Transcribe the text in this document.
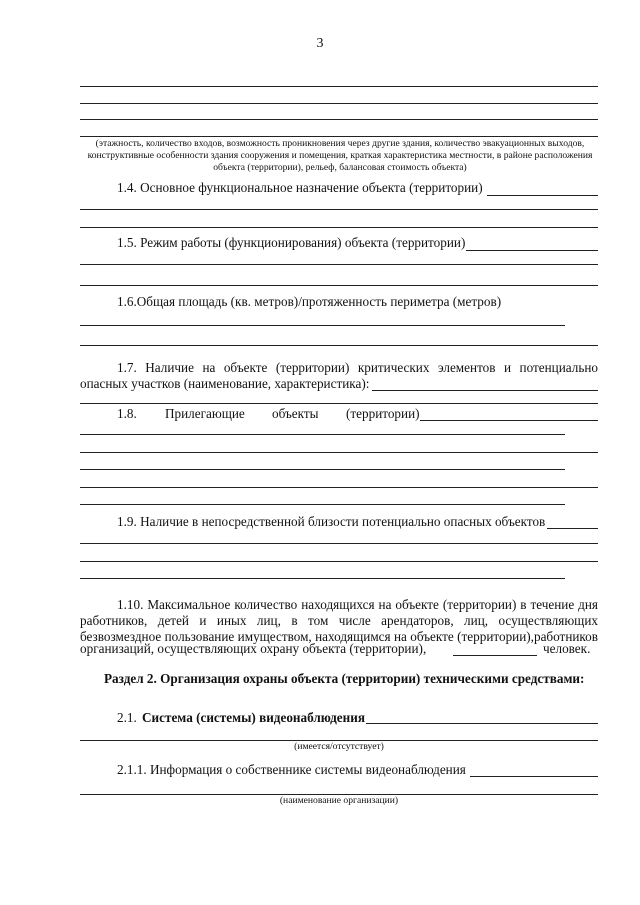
3
(этажность, количество входов, возможность проникновения через другие здания, количество эвакуационных выходов,
конструктивные особенности здания сооружения и помещения, краткая характеристика местности, в районе расположения
объекта (территории), рельеф, балансовая стоимость объекта)
1.4. Основное функциональное назначение объекта (территории)
1.5. Режим работы (функционирования) объекта (территории)
1.6.Общая площадь (кв. метров)/протяженность периметра (метров)
1.7. Наличие на объекте (территории) критических элементов и потенциально
опасных участков (наименование, характеристика):
1.8. Прилегающие объекты (территории)
1.9. Наличие в непосредственной близости потенциально опасных объектов
1.10. Максимальное количество находящихся на объекте (территории) в течение дня
работников, детей и иных лиц, в том числе арендаторов, лиц, осуществляющих
безвозмездное пользование имуществом, находящимся на объекте (территории),работников
организаций, осуществляющих охрану объекта (территории),	человек.
Раздел 2. Организация охраны объекта (территории) техническими средствами:
2.1. Система (системы) видеонаблюдения
(имеется/отсутствует)
2.1.1. Информация о собственнике системы видеонаблюдения
(наименование организации)
